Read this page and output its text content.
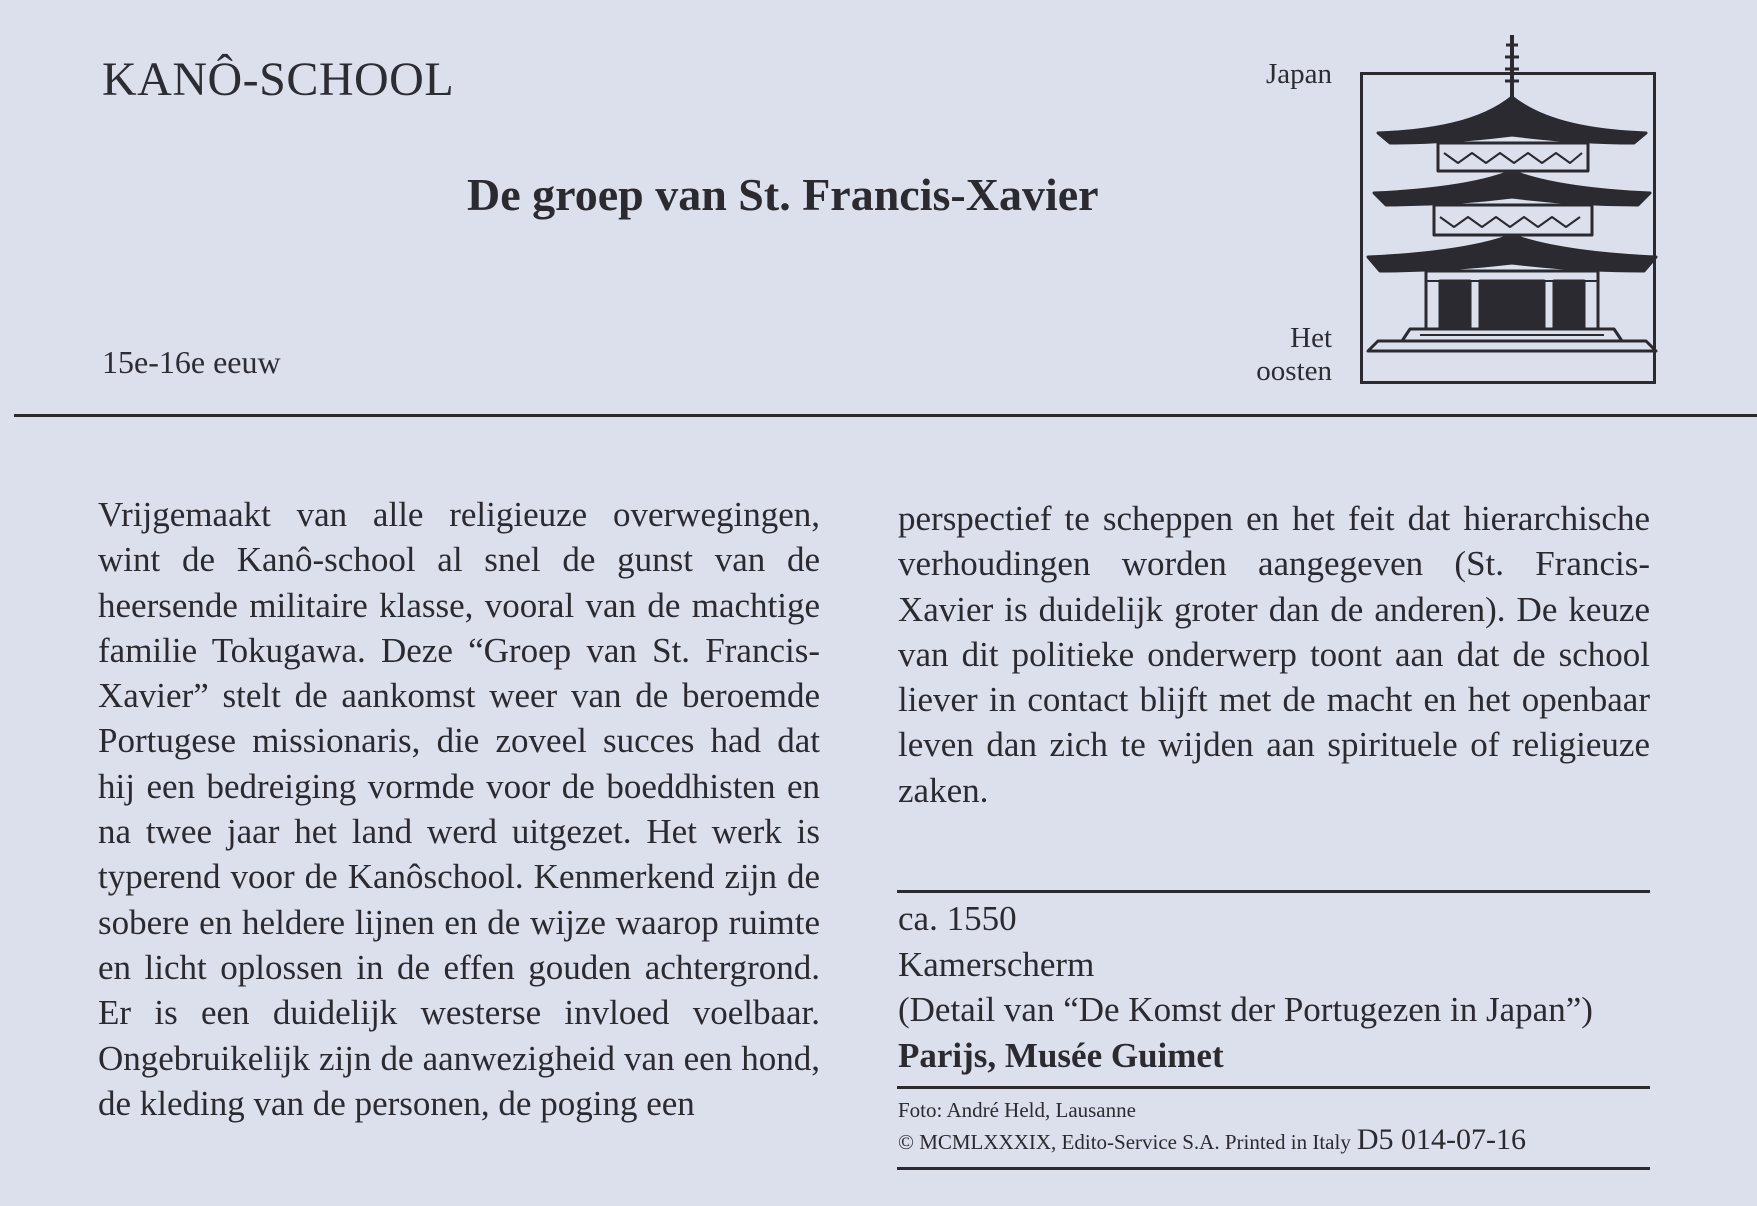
KANÔ-SCHOOL
De groep van St. Francis-Xavier
15e-16e eeuw
Japan
Het
oosten

Vrijgemaakt van alle religieuze overwegingen, wint de Kanô-school al snel de gunst van de heersende militaire klasse, vooral van de machtige familie Tokugawa. Deze “Groep van St. Francis-Xavier” stelt de aankomst weer van de beroemde Portugese missionaris, die zoveel succes had dat hij een bedreiging vormde voor de boeddhisten en na twee jaar het land werd uitgezet. Het werk is typerend voor de Kanôschool. Kenmerkend zijn de sobere en heldere lijnen en de wijze waarop ruimte en licht oplossen in de effen gouden achtergrond. Er is een duidelijk westerse invloed voelbaar. Ongebruikelijk zijn de aanwezigheid van een hond, de kleding van de personen, de poging een

perspectief te scheppen en het feit dat hierarchische verhoudingen worden aangegeven (St. Francis-Xavier is duidelijk groter dan de anderen). De keuze van dit politieke onderwerp toont aan dat de school liever in contact blijft met de macht en het openbaar leven dan zich te wijden aan spirituele of religieuze zaken.

ca. 1550
Kamerscherm
(Detail van “De Komst der Portugezen in Japan”)
Parijs, Musée Guimet
Foto: André Held, Lausanne
© MCMLXXXIX, Edito-Service S.A. Printed in Italy D5 014-07-16
